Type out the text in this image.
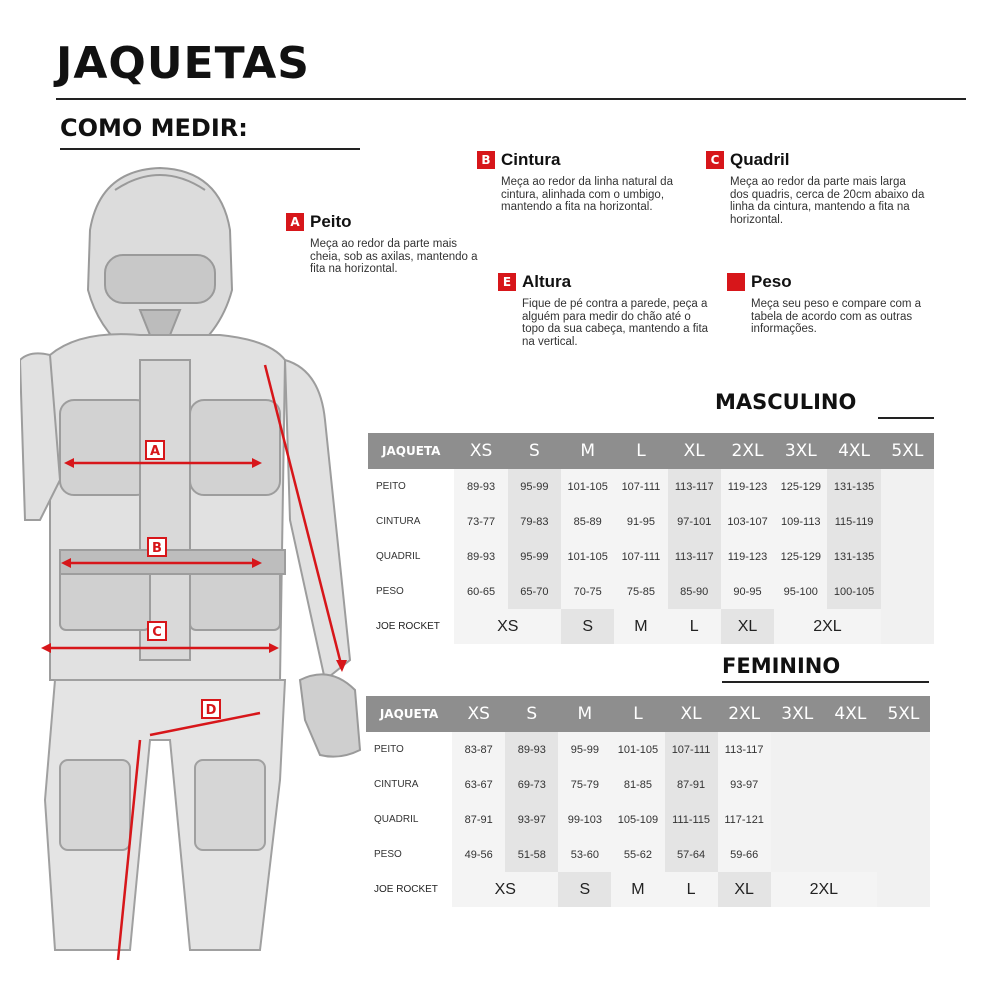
JAQUETAS
COMO MEDIR:
A
B
C
D
A Peito
Meça ao redor da parte mais cheia, sob as axilas, mantendo a fita na horizontal.
B Cintura
Meça ao redor da linha natural da cintura, alinhada com o umbigo, mantendo a fita na horizontal.
C Quadril
Meça ao redor da parte mais larga dos quadris, cerca de 20cm abaixo da linha da cintura, mantendo a fita na horizontal.
E Altura
Fique de pé contra a parede, peça a alguém para medir do chão até o topo da sua cabeça, mantendo a fita na vertical.
Peso
Meça seu peso e compare com a tabela de acordo com as outras informações.
MASCULINO
JAQUETA	XS	S	M	L	XL	2XL	3XL	4XL	5XL
PEITO	89-93	95-99	101-105	107-111	113-117	119-123	125-129	131-135	
CINTURA	73-77	79-83	85-89	91-95	97-101	103-107	109-113	115-119	
QUADRIL	89-93	95-99	101-105	107-111	113-117	119-123	125-129	131-135	
PESO	60-65	65-70	70-75	75-85	85-90	90-95	95-100	100-105	
JOE ROCKET	XS		S	M	L	XL	2XL		
FEMININO
JAQUETA	XS	S	M	L	XL	2XL	3XL	4XL	5XL
PEITO	83-87	89-93	95-99	101-105	107-111	113-117			
CINTURA	63-67	69-73	75-79	81-85	87-91	93-97			
QUADRIL	87-91	93-97	99-103	105-109	111-115	117-121			
PESO	49-56	51-58	53-60	55-62	57-64	59-66			
JOE ROCKET	XS		S	M	L	XL	2XL		
